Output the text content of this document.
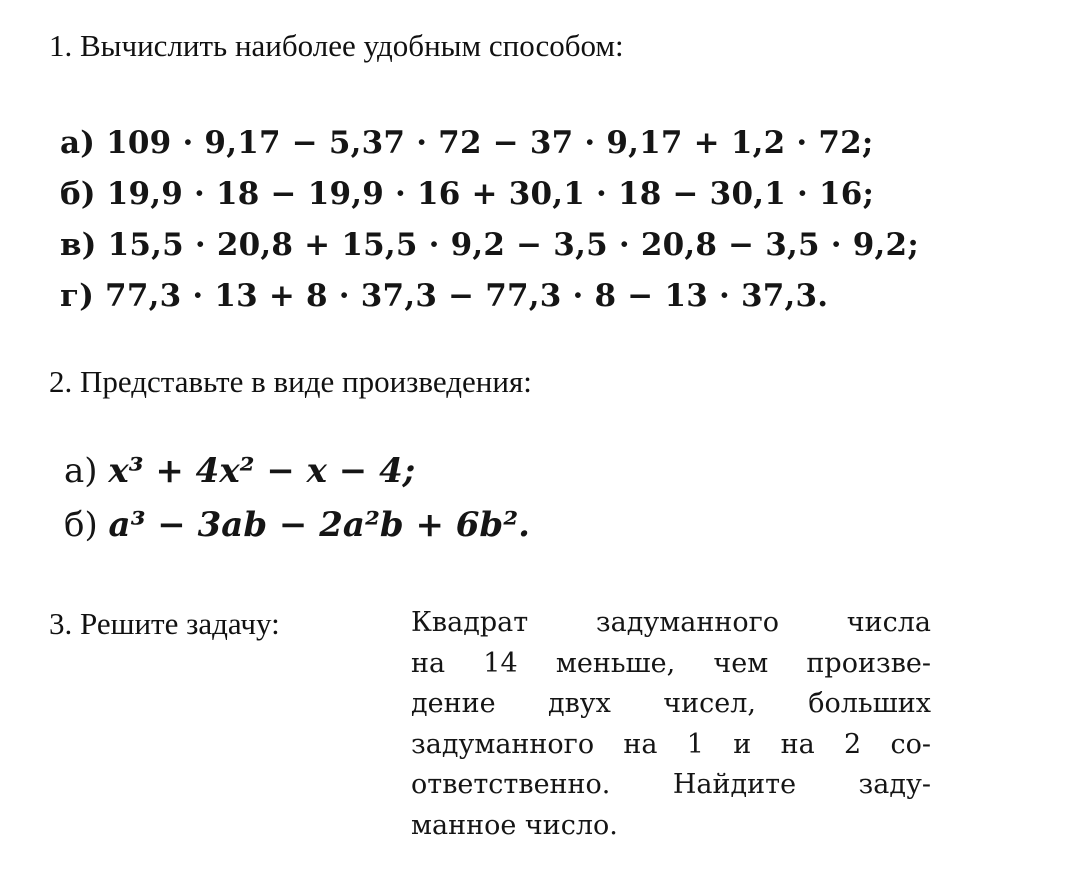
1. Вычислить наиболее удобным способом:
а) 109 · 9,17 − 5,37 · 72 − 37 · 9,17 + 1,2 · 72;
б) 19,9 · 18 − 19,9 · 16 + 30,1 · 18 − 30,1 · 16;
в) 15,5 · 20,8 + 15,5 · 9,2 − 3,5 · 20,8 − 3,5 · 9,2;
г) 77,3 · 13 + 8 · 37,3 − 77,3 · 8 − 13 · 37,3.
2. Представьте в виде произведения:
а) x³ + 4x² − x − 4;
б) a³ − 3ab − 2a²b + 6b².
3. Решите задачу:	Квадрат задуманного числа
на 14 меньше, чем произве-
дение двух чисел, больших
задуманного на 1 и на 2 со-
ответственно. Найдите заду-
манное число.
